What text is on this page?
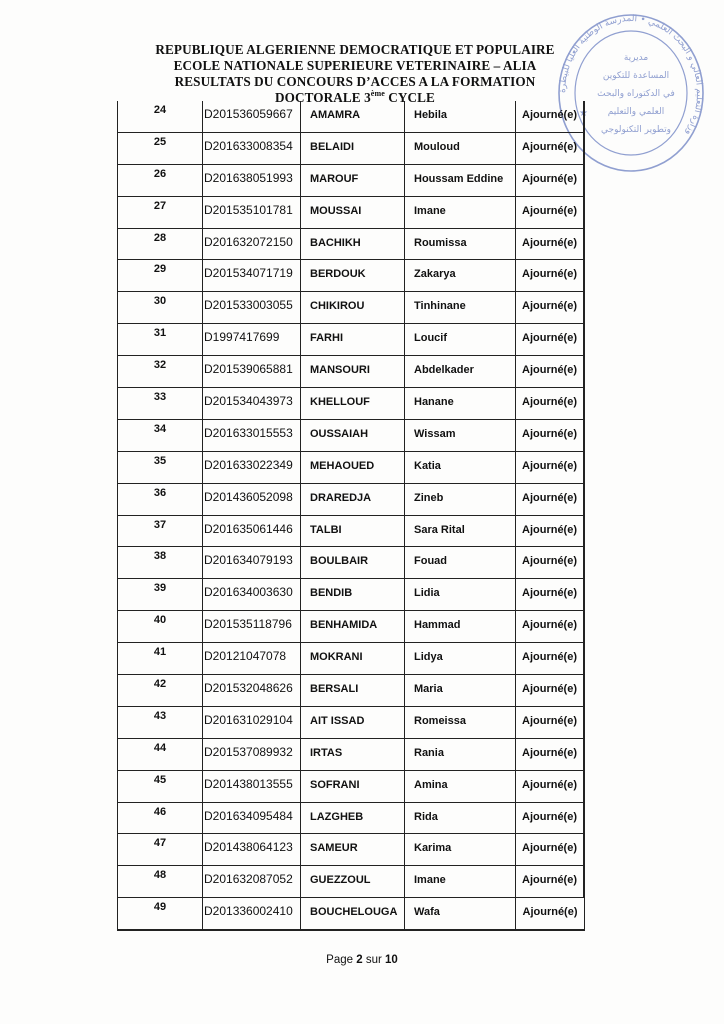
REPUBLIQUE ALGERIENNE DEMOCRATIQUE ET POPULAIRE
ECOLE NATIONALE SUPERIEURE VETERINAIRE – ALIA
RESULTATS DU CONCOURS D’ACCES A LA FORMATION
DOCTORALE 3ème CYCLE	وزارة التعليم العالي و البحث العلمي • المدرسة الوطنية العليا للبيطرة
مديرية
المساعدة للتكوين
في الدكتوراه والبحث
العلمي والتعليم
وتطوير التكنولوجي
★
24	D201536059667	AMAMRA	Hebila	Ajourné(e)
25	D201633008354	BELAIDI	Mouloud	Ajourné(e)
26	D201638051993	MAROUF	Houssam Eddine	Ajourné(e)
27	D201535101781	MOUSSAI	Imane	Ajourné(e)
28	D201632072150	BACHIKH	Roumissa	Ajourné(e)
29	D201534071719	BERDOUK	Zakarya	Ajourné(e)
30	D201533003055	CHIKIROU	Tinhinane	Ajourné(e)
31	D1997417699	FARHI	Loucif	Ajourné(e)
32	D201539065881	MANSOURI	Abdelkader	Ajourné(e)
33	D201534043973	KHELLOUF	Hanane	Ajourné(e)
34	D201633015553	OUSSAIAH	Wissam	Ajourné(e)
35	D201633022349	MEHAOUED	Katia	Ajourné(e)
36	D201436052098	DRAREDJA	Zineb	Ajourné(e)
37	D201635061446	TALBI	Sara Rital	Ajourné(e)
38	D201634079193	BOULBAIR	Fouad	Ajourné(e)
39	D201634003630	BENDIB	Lidia	Ajourné(e)
40	D201535118796	BENHAMIDA	Hammad	Ajourné(e)
41	D20121047078	MOKRANI	Lidya	Ajourné(e)
42	D201532048626	BERSALI	Maria	Ajourné(e)
43	D201631029104	AIT ISSAD	Romeissa	Ajourné(e)
44	D201537089932	IRTAS	Rania	Ajourné(e)
45	D201438013555	SOFRANI	Amina	Ajourné(e)
46	D201634095484	LAZGHEB	Rida	Ajourné(e)
47	D201438064123	SAMEUR	Karima	Ajourné(e)
48	D201632087052	GUEZZOUL	Imane	Ajourné(e)
49	D201336002410	BOUCHELOUGA	Wafa	Ajourné(e)
Page 2 sur 10
